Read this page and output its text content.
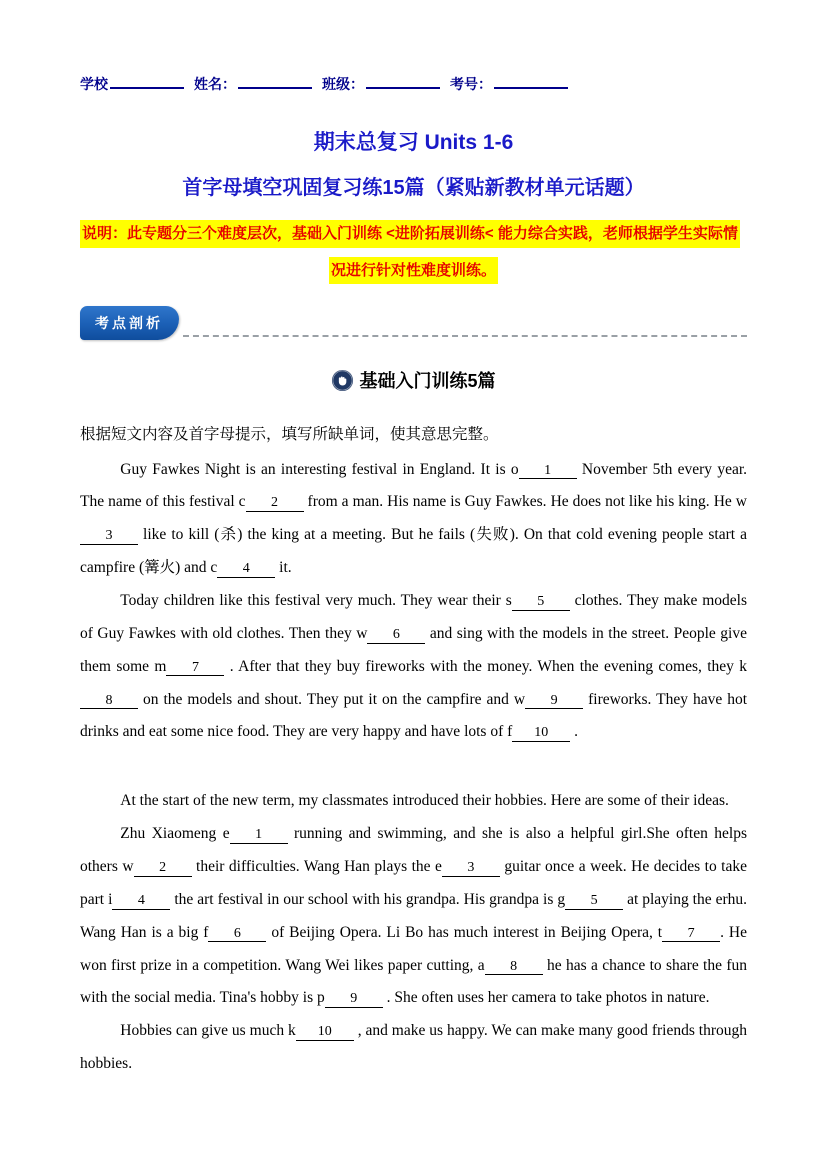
学校	姓名：	班级：	考号：
期末总复习 Units 1-6
首字母填空巩固复习练15篇（紧贴新教材单元话题）
说明：此专题分三个难度层次，基础入门训练 <进阶拓展训练< 能力综合实践，老师根据学生实际情
况进行针对性难度训练。
考点剖析
基础入门训练5篇

根据短文内容及首字母提示，填写所缺单词，使其意思完整。

Guy Fawkes Night is an interesting festival in England. It is o 1 November 5th every year. The name of this festival c 2 from a man. His name is Guy Fawkes. He does not like his king. He w3 like to kill (杀) the king at a meeting. But he fails (失败). On that cold evening people start a campfire (篝火) and c 4 it.

Today children like this festival very much. They wear their s 5 clothes. They make models of Guy Fawkes with old clothes. Then they w 6 and sing with the models in the street. People give them some m 7 . After that they buy fireworks with the money. When the evening comes, they k8 on the models and shout. They put it on the campfire and w 9 fireworks. They have hot drinks and eat some nice food. They are very happy and have lots of f 10 .

At the start of the new term, my classmates introduced their hobbies. Here are some of their ideas.

Zhu Xiaomeng e 1 running and swimming, and she is also a helpful girl.She often helps others w 2 their difficulties. Wang Han plays the e 3 guitar once a week. He decides to take part i 4 the art festival in our school with his grandpa. His grandpa is g 5 at playing the erhu. Wang Han is a big f 6 of Beijing Opera. Li Bo has much interest in Beijing Opera, t 7 . He won first prize in a competition. Wang Wei likes paper cutting, a 8 he has a chance to share the fun with the social media. Tina's hobby is p 9 . She often uses her camera to take photos in nature.

Hobbies can give us much k 10 , and make us happy. We can make many good friends through hobbies.
